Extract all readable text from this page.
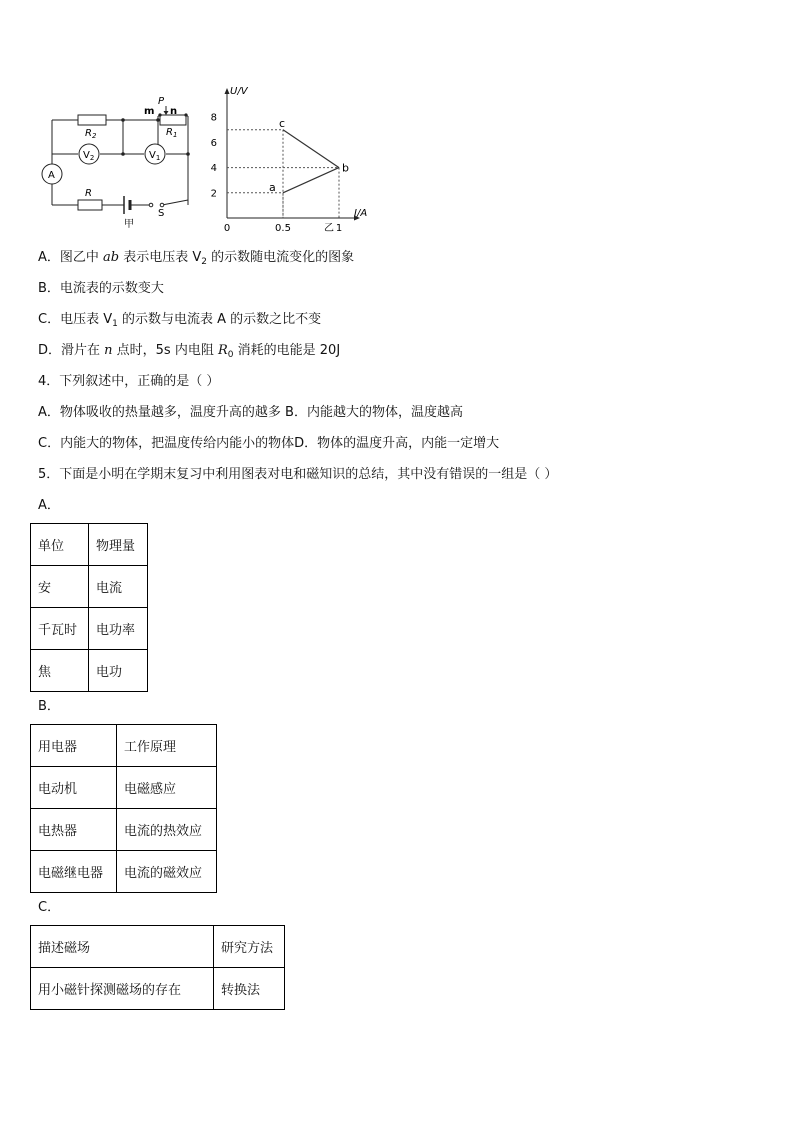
$R_2$	$R_1$
$V_2$	$V_1$
A
R
m n
P
S
甲
U/V
I/A
乙
8
6
4
2
0	0.5	1
c
b
a
A．图乙中 ab 表示电压表 $V_2$ 的示数随电流变化的图象
B．电流表的示数变大
C．电压表 $V_1$ 的示数与电流表 A 的示数之比不变
D．滑片在 n 点时，5s 内电阻 $R_0$ 消耗的电能是 20J
4．下列叙述中，正确的是（ ）
A．物体吸收的热量越多，温度升高的越多 B．内能越大的物体，温度越高
C．内能大的物体，把温度传给内能小的物体D．物体的温度升高，内能一定增大
5．下面是小明在学期末复习中利用图表对电和磁知识的总结，其中没有错误的一组是（ ）
A．
单位	物理量
安	电流
千瓦时	电功率
焦	电功
B．
用电器	工作原理
电动机	电磁感应
电热器	电流的热效应
电磁继电器	电流的磁效应
C．
描述磁场	研究方法
用小磁针探测磁场的存在	转换法
